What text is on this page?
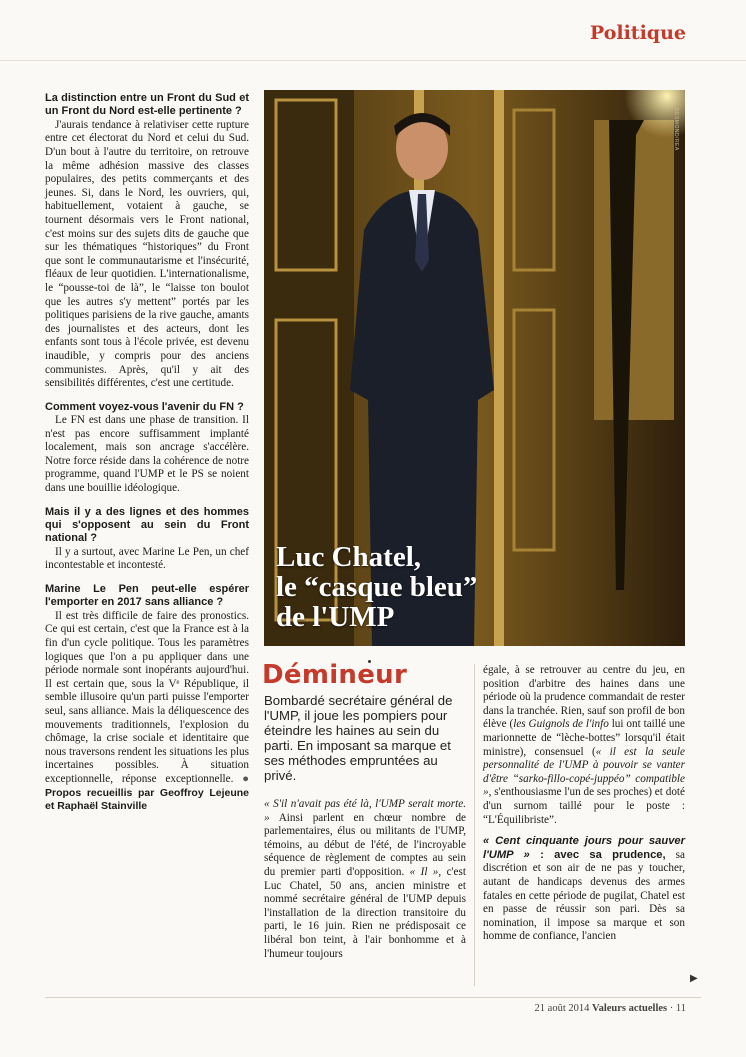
Politique

La distinction entre un Front du Sud et un Front du Nord est-elle pertinente ?

J'aurais tendance à relativiser cette rupture entre cet électorat du Nord et celui du Sud. D'un bout à l'autre du territoire, on retrouve la même adhésion massive des classes populaires, des petits commerçants et des jeunes. Si, dans le Nord, les ouvriers, qui, habituellement, votaient à gauche, se tournent désormais vers le Front national, c'est moins sur des sujets dits de gauche que sur les thématiques “historiques” du Front que sont le communautarisme et l'insécurité, fléaux de leur quotidien. L'internationalisme, le “pousse-toi de là”, le “laisse ton boulot que les autres s'y mettent” portés par les politiques parisiens de la rive gauche, amants des journalistes et des acteurs, dont les enfants sont tous à l'école privée, est devenu inaudible, y compris pour des anciens communistes. Après, qu'il y ait des sensibilités différentes, c'est une certitude.

Comment voyez-vous l'avenir du FN ?

Le FN est dans une phase de transition. Il n'est pas encore suffisamment implanté localement, mais son ancrage s'accélère. Notre force réside dans la cohérence de notre programme, quand l'UMP et le PS se noient dans une bouillie idéologique.

Mais il y a des lignes et des hommes qui s'opposent au sein du Front national ?

Il y a surtout, avec Marine Le Pen, un chef incontestable et incontesté.

Marine Le Pen peut-elle espérer l'emporter en 2017 sans alliance ?

Il est très difficile de faire des pronostics. Ce qui est certain, c'est que la France est à la fin d'un cycle politique. Tous les paramètres logiques que l'on a pu appliquer dans une période normale sont inopérants aujourd'hui. Il est certain que, sous la Vᵉ République, il semble illusoire qu'un parti puisse l'emporter seul, sans alliance. Mais la déliquescence des mouvements traditionnels, l'explosion du chômage, la crise sociale et identitaire que nous traversons rendent les situations les plus incertaines possibles. À situation exceptionnelle, réponse exceptionnelle. ● Propos recueillis par Geoffroy Lejeune et Raphaël Stainville

DESMOND/REA
Luc Chatel,
le “casque bleu”
de l'UMP
Démineur

Bombardé secrétaire général de l'UMP, il joue les pompiers pour éteindre les haines au sein du parti. En imposant sa marque et ses méthodes empruntées au privé.

« S'il n'avait pas été là, l'UMP serait morte. » Ainsi parlent en chœur nombre de parlementaires, élus ou militants de l'UMP, témoins, au début de l'été, de l'incroyable séquence de règlement de comptes au sein du premier parti d'opposition. « Il », c'est Luc Chatel, 50 ans, ancien ministre et nommé secrétaire général de l'UMP depuis l'installation de la direction transitoire du parti, le 16 juin. Rien ne prédisposait ce libéral bon teint, à l'air bonhomme et à l'humeur toujours

égale, à se retrouver au centre du jeu, en position d'arbitre des haines dans une période où la prudence commandait de rester dans la tranchée. Rien, sauf son profil de bon élève (les Guignols de l'info lui ont taillé une marionnette de “lèche-bottes” lorsqu'il était ministre), consensuel (« il est la seule personnalité de l'UMP à pouvoir se vanter d'être “sarko-fillo-copé-juppéo” compatible », s'enthousiasme l'un de ses proches) et doté d'un surnom taillé pour le poste : “L'Équilibriste”.

« Cent cinquante jours pour sauver l'UMP » : avec sa prudence, sa discrétion et son air de ne pas y toucher, autant de handicaps devenus des armes fatales en cette période de pugilat, Chatel est en passe de réussir son pari. Dès sa nomination, il impose sa marque et son homme de confiance, l'ancien

▶
21 août 2014 Valeurs actuelles · 11
